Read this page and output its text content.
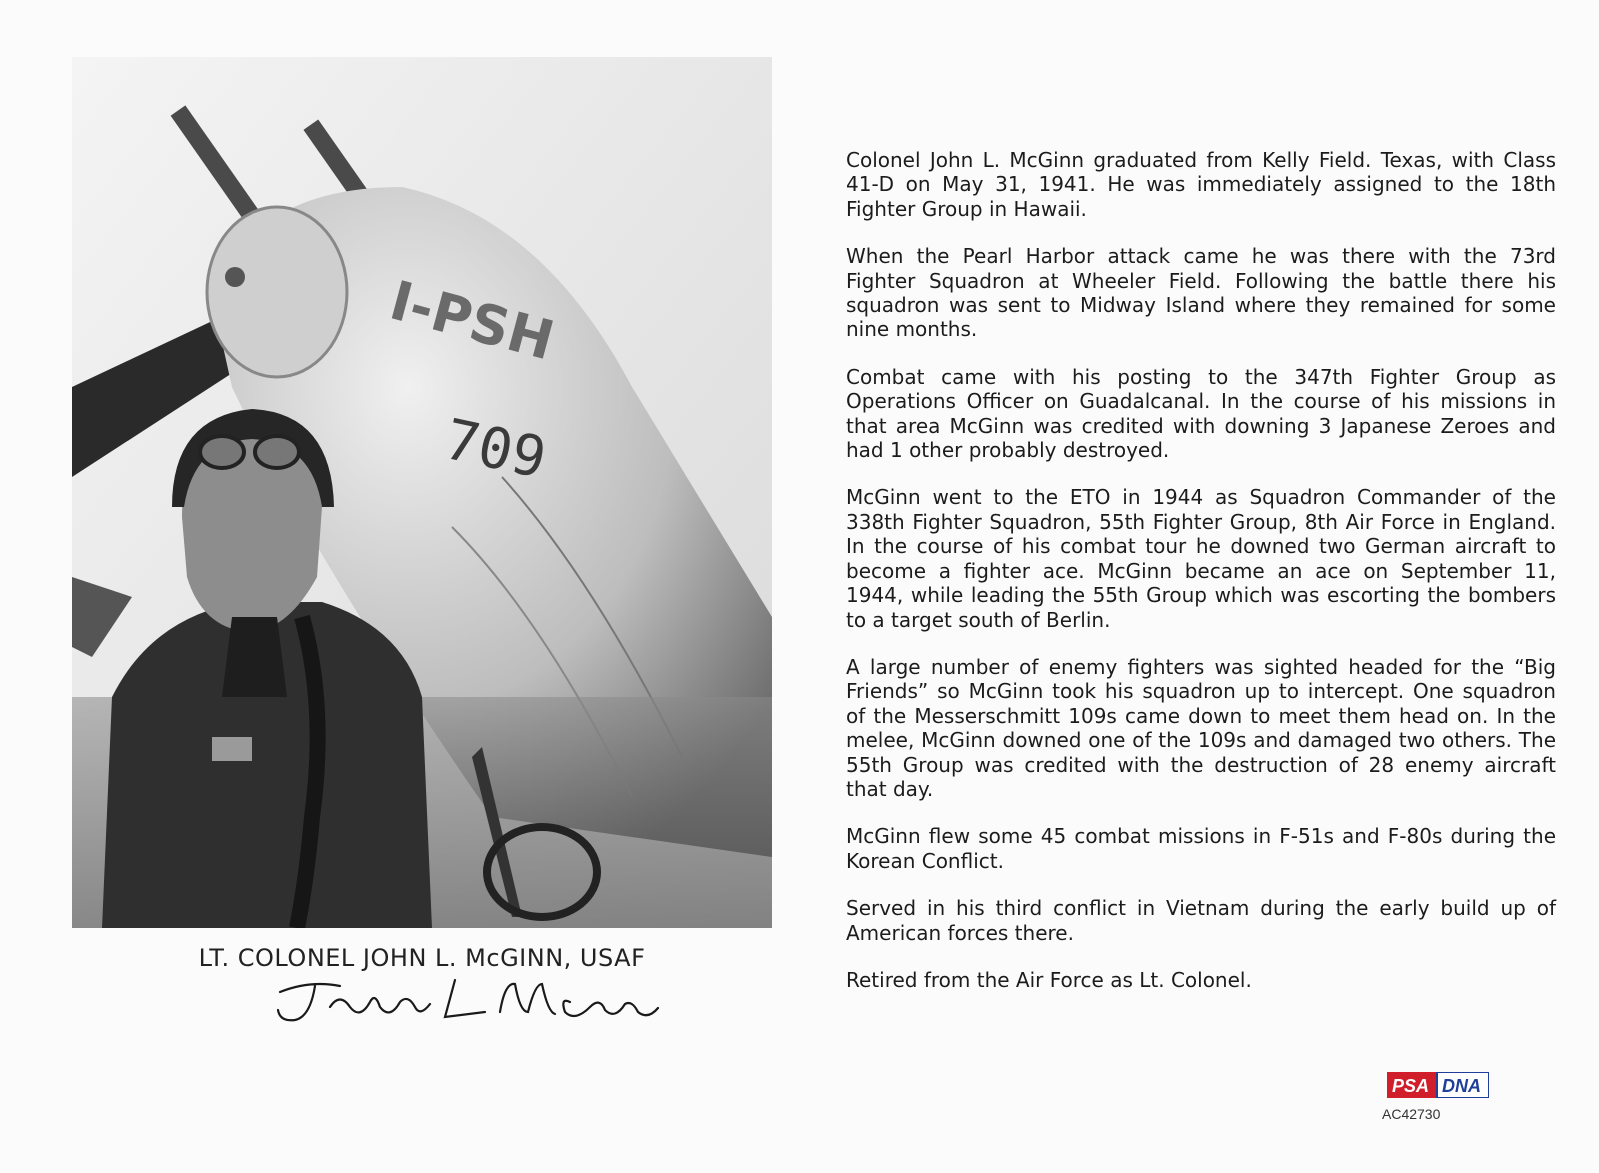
709
I-PSH
LT. COLONEL JOHN L. McGINN, USAF

Colonel John L. McGinn graduated from Kelly Field. Texas, with Class 41-D on May 31, 1941. He was immediately assigned to the 18th Fighter Group in Hawaii.

When the Pearl Harbor attack came he was there with the 73rd Fighter Squadron at Wheeler Field. Following the battle there his squadron was sent to Midway Island where they remained for some nine months.

Combat came with his posting to the 347th Fighter Group as Operations Officer on Guadalcanal. In the course of his missions in that area McGinn was credited with downing 3 Japanese Zeroes and had 1 other probably destroyed.

McGinn went to the ETO in 1944 as Squadron Commander of the 338th Fighter Squadron, 55th Fighter Group, 8th Air Force in England. In the course of his combat tour he downed two German aircraft to become a fighter ace. McGinn became an ace on September 11, 1944, while leading the 55th Group which was escorting the bombers to a target south of Berlin.

A large number of enemy fighters was sighted headed for the “Big Friends” so McGinn took his squadron up to intercept. One squadron of the Messerschmitt 109s came down to meet them head on. In the melee, McGinn downed one of the 109s and damaged two others. The 55th Group was credited with the destruction of 28 enemy aircraft that day.

McGinn flew some 45 combat missions in F-51s and F-80s during the Korean Conflict.

Served in his third conflict in Vietnam during the early build up of American forces there.

Retired from the Air Force as Lt. Colonel.

PSA DNA
AC42730
